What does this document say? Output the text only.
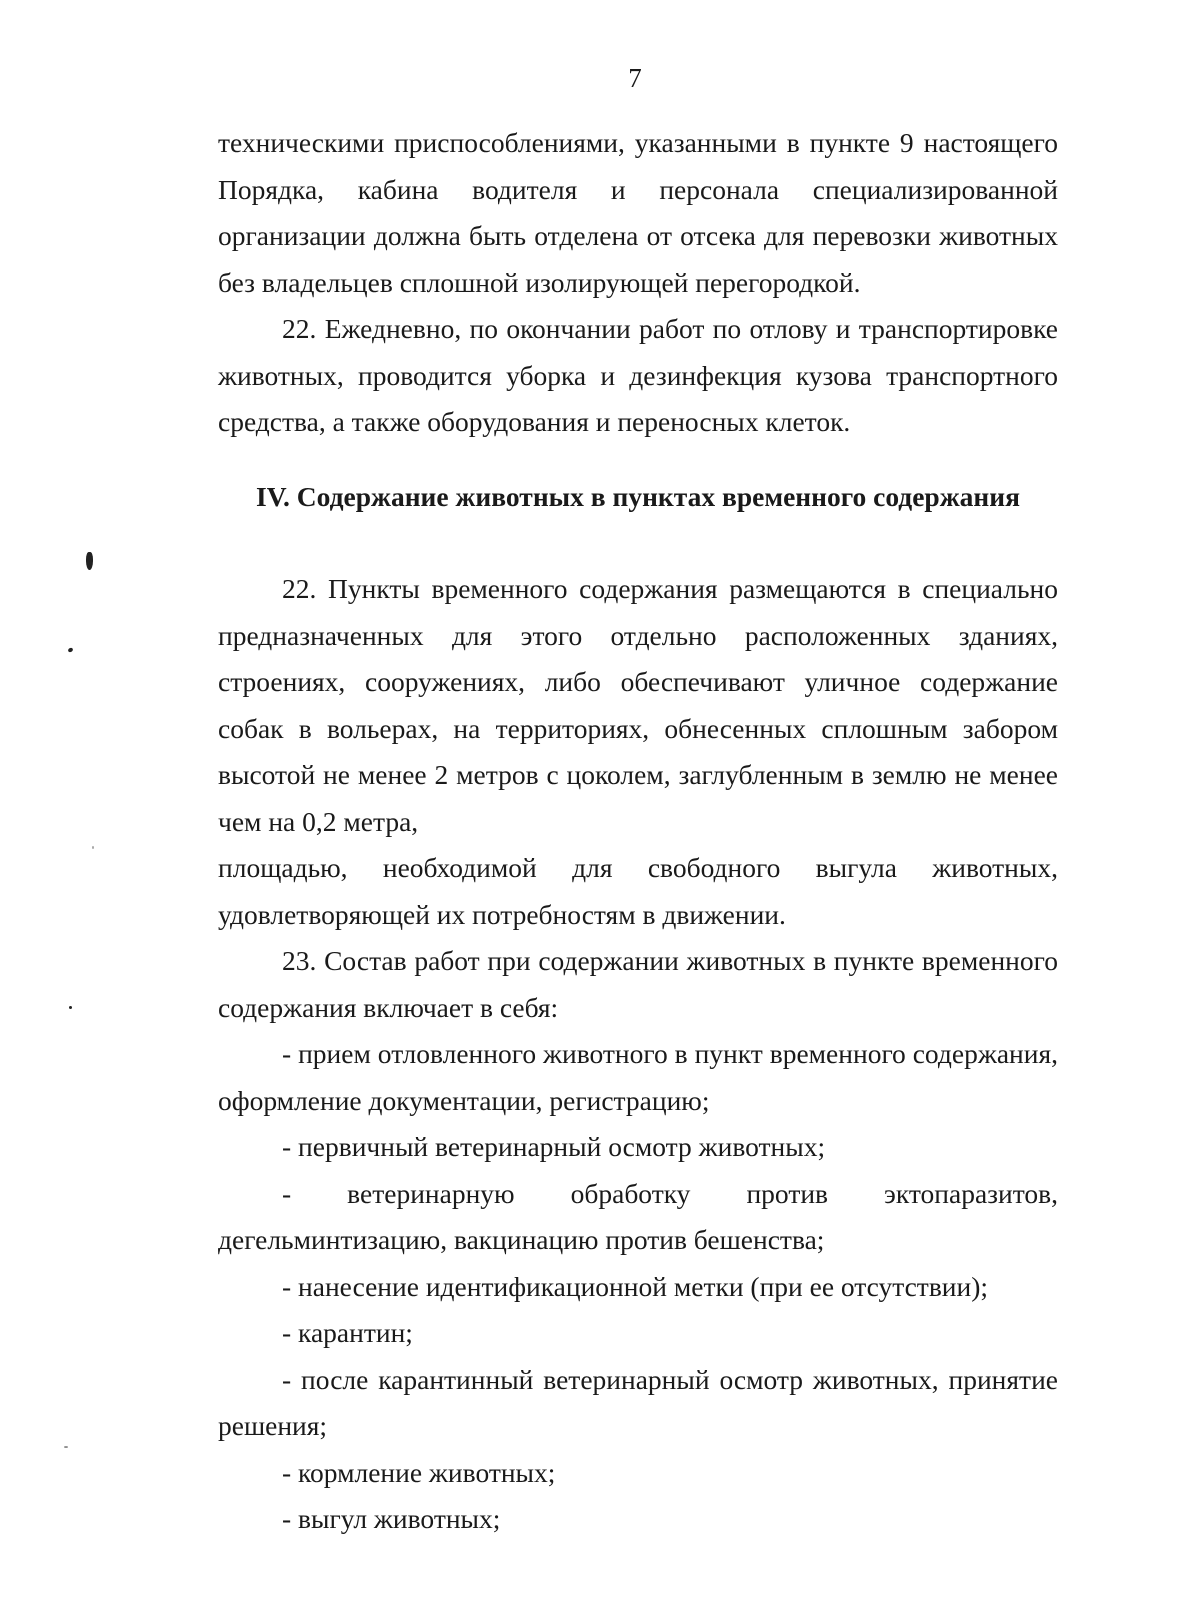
7

техническими приспособлениями, указанными в пункте 9 настоящего Порядка, кабина водителя и персонала специализированной организации должна быть отделена от отсека для перевозки животных без владельцев сплошной изолирующей перегородкой.

22. Ежедневно, по окончании работ по отлову и транспортировке животных, проводится уборка и дезинфекция кузова транспортного средства, а также оборудования и переносных клеток.

IV. Содержание животных в пунктах временного содержания

22. Пункты временного содержания размещаются в специально предназначенных для этого отдельно расположенных зданиях, строениях, сооружениях, либо обеспечивают уличное содержание собак в вольерах, на территориях, обнесенных сплошным забором высотой не менее 2 метров с цоколем, заглубленным в землю не менее чем на 0,2 метра,

площадью, необходимой для свободного выгула животных,

удовлетворяющей их потребностям в движении.

23. Состав работ при содержании животных в пункте временного содержания включает в себя:

- прием отловленного животного в пункт временного содержания, оформление документации, регистрацию;

- первичный ветеринарный осмотр животных;

- ветеринарную обработку против эктопаразитов,

дегельминтизацию, вакцинацию против бешенства;

- нанесение идентификационной метки (при ее отсутствии);

- карантин;

- после карантинный ветеринарный осмотр животных, принятие решения;

- кормление животных;

- выгул животных;
